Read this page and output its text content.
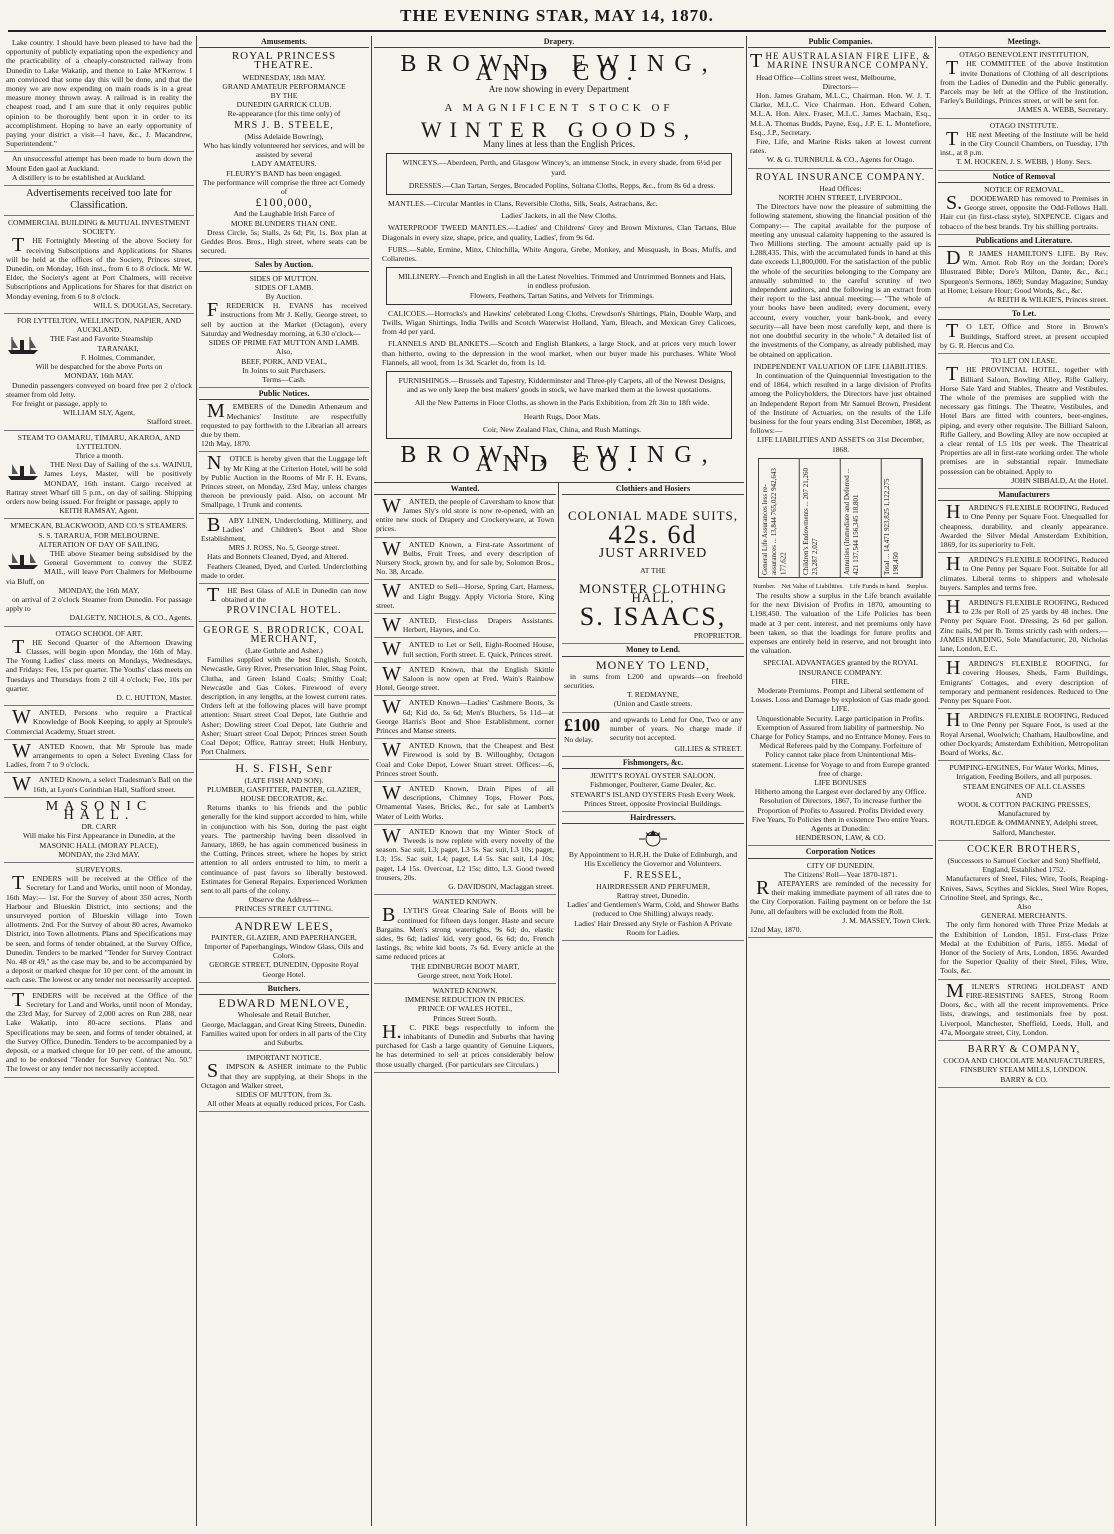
THE EVENING STAR, MAY 14, 1870.

Lake country. I should have been pleased to have had the opportunity of publicly expatiating upon the expediency and the practicability of a cheaply-constructed railway from Dunedin to Lake Wakatip, and thence to Lake M'Kerrow. I am convinced that some day this will be done, and that the money we are now expending on main roads is in a great measure money thrown away. A railroad is in reality the cheapest road, and I am sure that it only requires public opinion to be thoroughly bent upon it in order to its accomplishment. Hoping to have an early opportunity of paying your district a visit—I have, &c., J. Macandrew, Superintendent."

An unsuccessful attempt has been made to burn down the Mount Eden gaol at Auckland.

A distillery is to be established at Auckland.

Advertisements received too late for Classification.
COMMERCIAL BUILDING & MUTUAL INVESTMENT SOCIETY.

THE Fortnightly Meeting of the above Society for receiving Subscriptions and Applications for Shares will be held at the offices of the Society, Princes street, Dunedin, on Monday, 16th inst., from 6 to 8 o'clock. Mr W. Elder, the Society's agent at Port Chalmers, will receive Subscriptions and Applications for Shares for that district on Monday evening, from 6 to 8 o'clock.

WILL S. DOUGLAS, Secretary.
FOR LYTTELTON, WELLINGTON, NAPIER, AND AUCKLAND.

THE Fast and Favorite Steamship

TARANAKI,
F. Holmes, Commander,
Will be despatched for the above Ports on
MONDAY, 16th MAY.

Dunedin passengers conveyed on board free per 2 o'clock steamer from old Jetty.

For freight or passage, apply to

WILLIAM SLY, Agent,
Stafford street.
STEAM TO OAMARU, TIMARU, AKAROA, AND LYTTELTON.
Thrice a month.

THE Next Day of Sailing of the s.s. WAINUI, James Leys, Master, will be positively MONDAY, 16th instant. Cargo received at Rattray street Wharf till 5 p.m., on day of sailing. Shipping orders now being issued. For freight or passage, apply to

KEITH RAMSAY, Agent.
M'MECKAN, BLACKWOOD, AND CO.'S STEAMERS.
S. S. TARARUA, FOR MELBOURNE.
ALTERATION OF DAY OF SAILING.

THE above Steamer being subsidised by the General Government to convey the SUEZ MAIL, will leave Port Chalmers for Melbourne via Bluff, on

MONDAY, the 16th MAY,

on arrival of 2 o'clock Steamer from Dunedin. For passage apply to

DALGETY, NICHOLS, & CO., Agents.
OTAGO SCHOOL OF ART.

THE Second Quarter of the Afternoon Drawing Classes, will begin upon Monday, the 16th of May. The Young Ladies' class meets on Mondays, Wednesdays, and Fridays: Fee, 15s per quarter. The Youths' class meets on Tuesdays and Thursdays from 2 till 4 o'clock; Fee, 10s per quarter.

D. C. HUTTON, Master.

WANTED, Persons who require a Practical Knowledge of Book Keeping, to apply at Sproule's Commercial Academy, Stuart street.

WANTED Known, that Mr Sproule has made arrangements to open a Select Evening Class for Ladies, from 7 to 9 o'clock.

WANTED Known, a select Tradesman's Ball on the 16th, at Lyon's Corinthian Hall, Stafford street.

MASONIC HALL.
DR. CARR
Will make his First Appearance in Dunedin, at the
MASONIC HALL (MORAY PLACE),
MONDAY, the 23rd MAY.
SURVEYORS.

TENDERS will be received at the Office of the Secretary for Land and Works, until noon of Monday, 16th May:— 1st. For the Survey of about 350 acres, North Harbour and Blueskin District, into sections; and the unsurveyed portion of Blueskin village into Town allotments. 2nd. For the Survey of about 80 acres, Awamoko District, into Town allotments. Plans and Specifications may be seen, and forms of tender obtained, at the Survey Office, Dunedin. Tenders to be marked "Tender for Survey Contract No. 48 or 49," as the case may be, and to be accompanied by a deposit or marked cheque for 10 per cent. of the amount in each case. The lowest or any tender not necessarily accepted.

TENDERS will be received at the Office of the Secretary for Land and Works, until noon of Monday, the 23rd May, for Survey of 2,000 acres on Run 288, near Lake Wakatip, into 80-acre sections. Plans and Specifications may be seen, and forms of tender obtained, at the Survey Office, Dunedin. Tenders to be accompanied by a deposit, or a marked cheque for 10 per cent. of the amount, and to be endorsed "Tender for Survey Contract No. 50." The lowest or any tender not necessarily accepted.

Amusements.
ROYAL PRINCESS THEATRE.
WEDNESDAY, 18th MAY.
GRAND AMATEUR PERFORMANCE
BY THE
DUNEDIN GARRICK CLUB.
Re-appearance (for this time only) of
MRS J. B. STEELE,
(Miss Adelaide Bowring),
Who has kindly volunteered her services, and will be assisted by several
LADY AMATEURS.
FLEURY'S BAND has been engaged.
The performance will comprise the three act Comedy of
£100,000,
And the Laughable Irish Farce of
MORE BLUNDERS THAN ONE.

Dress Circle, 5s; Stalls, 2s 6d; Pit, 1s. Box plan at Geddes Bros. Bros., High street, where seats can be secured.

Sales by Auction.
SIDES OF MUTTON.
SIDES OF LAMB.
By Auction.

FREDERICK H. EVANS has received instructions from Mr J. Kelly, George street, to sell by auction at the Market (Octagon), every Saturday and Wednesday morning, at 6.30 o'clock—

SIDES OF PRIME FAT MUTTON AND LAMB.
Also,
BEEF, PORK, AND VEAL,
In Joints to suit Purchasers.
Terms—Cash.
Public Notices.

MEMBERS of the Dunedin Athenæum and Mechanics' Institute are respectfully requested to pay forthwith to the Librarian all arrears due by them.

12th May, 1870.

NOTICE is hereby given that the Luggage left by Mr King at the Criterion Hotel, will be sold by Public Auction in the Rooms of Mr F. H. Evans, Princes street, on Monday, 23rd May, unless charges thereon be previously paid. Also, on account Mr Smallpage, 1 Trunk and contents.

BABY LINEN, Underclothing, Millinery, and Ladies' and Children's Boot and Shoe Establishment,

MRS J. ROSS, No. 5, George street.

Hats and Bonnets Cleaned, Dyed, and Altered.

Feathers Cleaned, Dyed, and Curled. Underclothing made to order.

THE Best Glass of ALE in Dunedin can now obtained at the

PROVINCIAL HOTEL.
GEORGE S. BRODRICK, COAL MERCHANT,
(Late Guthrie and Asher.)

Families supplied with the best English, Scotch, Newcastle, Grey River, Preservation Inlet, Shag Point, Clutha, and Green Island Coals; Smithy Coal; Newcastle and Gas Cokes. Firewood of every description, in any lengths, at the lowest current rates. Orders left at the following places will have prompt attention: Stuart street Coal Depot, late Guthrie and Asher; Dowling street Coal Depot, late Guthrie and Asher; Stuart street Coal Depot; Princes street South Coal Depot; Office, Rattray street; Hulk Henbury, Port Chalmers.

H. S. FISH, Senr
(LATE FISH AND SON).
PLUMBER, GASFITTER, PAINTER, GLAZIER, HOUSE DECORATOR, &c.

Returns thanks to his friends and the public generally for the kind support accorded to him, while in conjunction with his Son, during the past eight years. The partnership having been dissolved in January, 1869, he has again commenced business in the Cutting, Princes street, where he hopes by strict attention to all orders entrusted to him, to merit a continuance of past favors so liberally bestowed. Estimates for General Repairs. Experienced Workmen sent to all parts of the colony.

Observe the Address—
PRINCES STREET CUTTING.
ANDREW LEES,
PAINTER, GLAZIER, AND PAPERHANGER,
Importer of Paperhangings, Window Glass, Oils and Colors.
GEORGE STREET, DUNEDIN, Opposite Royal George Hotel.
Butchers.
EDWARD MENLOVE,
Wholesale and Retail Butcher,
George, Maclaggan, and Great King Streets, Dunedin.
Families waited upon for orders in all parts of the City and Suburbs.
IMPORTANT NOTICE.

SIMPSON & ASHER intimate to the Public that they are supplying, at their Shops in the Octagon and Walker street,

SIDES OF MUTTON, from 3s.

All other Meats at equally reduced prices, For Cash.

Drapery.
BROWN, EWING, AND CO.
Are now showing in every Department
A MAGNIFICENT STOCK OF
WINTER GOODS,
Many lines at less than the English Prices.

WINCEYS.—Aberdeen, Perth, and Glasgow Wincey's, an immense Stock, in every shade, from 6½d per yard.

DRESSES.—Clan Tartan, Serges, Brocaded Poplins, Sultana Cloths, Repps, &c., from 8s 6d a dress.

MANTLES.—Circular Mantles in Clans, Reversible Cloths, Silk, Seals, Astrachans, &c.

Ladies' Jackets, in all the New Cloths.

WATERPROOF TWEED MANTLES.—Ladies' and Childrens' Grey and Brown Mixtures, Clan Tartans, Blue Diagonals in every size, shape, price, and quality, Ladies', from 9s 6d.

FURS.—Sable, Ermine, Minx, Chinchilla, White Angora, Grebe, Monkey, and Musquash, in Boas, Muffs, and Collarettes.

MILLINERY.—French and English in all the Latest Novelties. Trimmed and Untrimmed Bonnets and Hats, in endless profusion.

Flowers, Feathers, Tartan Satins, and Velvets for Trimmings.

CALICOES.—Horrocks's and Hawkins' celebrated Long Cloths, Crewdson's Shirtings, Plain, Double Warp, and Twills, Wigan Shirtings, India Twills and Scotch Waterwist Holland, Yarn, Bleach, and Mexican Grey Calicoes, from 4d per yard.

FLANNELS AND BLANKETS.—Scotch and English Blankets, a large Stock, and at prices very much lower than hitherto, owing to the depression in the wool market, when our buyer made his purchases. White Wool Flannels, all wool, from 1s 3d. Scarlet do, from 1s 1d.

FURNISHINGS.—Brussels and Tapestry, Kidderminster and Three-ply Carpets, all of the Newest Designs, and as we only keep the best makers' goods in stock, we have marked them at the lowest quotations.

All the New Patterns in Floor Cloths, as shown in the Paris Exhibition, from 2ft 3in to 18ft wide.

Hearth Rugs, Door Mats.

Coir, New Zealand Flax, China, and Rush Mattings.

BROWN, EWING, AND CO.
Wanted.

WANTED, the people of Caversham to know that James Sly's old store is now re-opened, with an entire new stock of Drapery and Crockeryware, at Town prices.

WANTED Known, a First-rate Assortment of Bulbs, Fruit Trees, and every description of Nursery Stock, grown by, and for sale by, Solomon Bros., No. 38, Arcade.

WANTED to Sell—Horse, Spring Cart, Harness, and Light Buggy. Apply Victoria Store, King street.

WANTED, First-class Drapers Assistants. Herbert, Haynes, and Co.

WANTED to Let or Sell, Eight-Roomed House, full section, Forth street. E. Quick, Princes street.

WANTED Known, that the English Skittle Saloon is now open at Fred. Wain's Rainbow Hotel, George street.

WANTED Known—Ladies' Cashmere Boots, 3s 6d; Kid do, 5s 6d; Men's Bluchers, 5s 11d—at George Harris's Boot and Shoe Establishment, corner Princes and Manse streets.

WANTED Known, that the Cheapest and Best Firewood is sold by B. Willoughby, Octagon Coal and Coke Depot, Lower Stuart street. Offices:—6, Princes street South.

WANTED Known, Drain Pipes of all descriptions, Chimney Tops, Flower Pots, Ornamental Vases, Bricks, &c., for sale at Lambert's Water of Leith Works.

WANTED Known that my Winter Stock of Tweeds is now replete with every novelty of the season. Sac suit, L3; paget, L3 5s. Sac suit, L3 10s; paget, L3; 15s. Sac suit, L4; paget, L4 5s. Sac suit, L4 10s; paget, L4 15s. Overcoat, L2 15s; ditto, L3. Good tweed trousers, 20s.

G. DAVIDSON, Maclaggan street.
WANTED KNOWN.

BLYTH'S Great Clearing Sale of Boots will be continued for fifteen days longer. Haste and secure Bargains. Men's strong watertights, 9s 6d; do, elastic sides, 9s 6d; ladies' kid, very good, 6s 6d; do, French lastings, 8s; white kid boots, 7s 6d. Every article at the same reduced prices at

THE EDINBURGH BOOT MART,
George street, next York Hotel.
WANTED KNOWN.
IMMENSE REDUCTION IN PRICES.
PRINCE OF WALES HOTEL,
Princes Street South.

H.C. PIKE begs respectfully to inform the inhabitants of Dunedin and Suburbs that having purchased for Cash a large quantity of Genuine Liquors, he has determined to sell at prices considerably below those usually charged. (For particulars see Circulars.)

Clothiers and Hosiers
COLONIAL MADE SUITS,
42s. 6d
JUST ARRIVED
AT THE
MONSTER CLOTHING HALL,
S. ISAACS,
PROPRIETOR.
Money to Lend.
MONEY TO LEND,

in sums from L200 and upwards—on freehold securities.

T. REDMAYNE,
(Union and Castle streets.
£100
No delay.

and upwards to Lend for One, Two or any number of years. No charge made if security not accepted.

GILLIES & STREET.
Fishmongers, &c.
JEWITT'S ROYAL OYSTER SALOON.
Fishmonger, Poulterer, Game Dealer, &c.
STEWART'S ISLAND OYSTERS Fresh Every Week.
Princes Street, opposite Provincial Buildings.
Hairdressers.
By Appointment to H.R.H. the Duke of Edinburgh, and His Excellency the Governor and Volunteers.
F. RESSEL,
HAIRDRESSER AND PERFUMER,
Rattray street, Dunedin.
Ladies' and Gentlemen's Warm, Cold, and Shower Baths (reduced to One Shilling) always ready.
Ladies' Hair Dressed any Style or Fashion A Private Room for Ladies.
Public Companies.
THE AUSTRALASIAN FIRE LIFE, & MARINE INSURANCE COMPANY.

Head Office—Collins street west, Melbourne,

Directors—

Hon. James Graham, M.L.C., Chairman. Hon. W. J. T. Clarke, M.L.C. Vice Chairman. Hon. Edward Cohen, M.L.A. Hon. Alex. Fraser, M.L.C. James Macbain, Esq., M.L.A. Thomas Budds, Payne, Esq., J.P. E. L. Montefiore, Esq., J.P., Secretary.

Fire, Life, and Marine Risks taken at lowest current rates.

W. & G. TURNBULL & CO., Agents for Otago.
ROYAL INSURANCE COMPANY.
Head Offices:
NORTH JOHN STREET, LIVERPOOL.

The Directors have now the pleasure of submitting the following statement, showing the financial position of the Company:— The capital available for the purpose of meeting any unusual calamity happening to the assured is Two Millions sterling. The amount actually paid up is L288,435. This, with the accumulated funds in hand at this date exceeds L1,800,000. For the satisfaction of the public the whole of the securities belonging to the Company are annually submitted to the careful scrutiny of two independent auditors, and the following is an extract from their report to the last annual meeting:— "The whole of your books have been audited; every document, every account, every voucher, your bank-book, and every security—all have been most carefully kept, and there is not one doubtful security in the whole." A detailed list of the investments of the Company, as already published, may be obtained on application.

INDEPENDENT VALUATION OF LIFE LIABILITIES.

In continuation of the Quinquennial Investigation to the end of 1864, which resulted in a large division of Profits among the Policyholders, the Directors have just obtained an Independent Report from Mr Samuel Brown, President of the Institute of Actuaries, on the results of the Life business for the four years ending 31st December, 1868, as follows:—

LIFE LIABILITIES AND ASSETS on 31st December, 1868.
General Life Assurances less re-assurances ... 13,844 765,022 942,643 177,622	Children's Endowments ... 207 21,260 23,287 2,027	Annuities (Immediate and Deferred ... 421 137,544 156,345 18,801	Total ... 14,471 923,825 1,122,275 198,450
Number. Net Value of Liabilities. Life Funds in hand. Surplus.

The results show a surplus in the Life branch available for the next Division of Profits in 1870, amounting to L198,450. The valuation of the Life Policies has been made at 3 per cent. interest, and net premiums only have been taken, so that the loadings for future profits and expenses are entirely held in reserve, and not brought into the valuation.

SPECIAL ADVANTAGES granted by the ROYAL INSURANCE COMPANY.
FIRE.
Moderate Premiums. Prompt and Liberal settlement of Losses. Loss and Damage by explosion of Gas made good.
LIFE.
Unquestionable Security. Large participation in Profits. Exemption of Assured from liability of partnership. No Charge for Policy Stamps, and no Entrance Money. Fees to Medical Referees paid by the Company. Forfeiture of Policy cannot take place from Unintentional Mis-statement. License for Voyage to and from Europe granted free of charge.
LIFE BONUSES
Hitherto among the Largest ever declared by any Office. Resolution of Directors, 1867, To increase further the Proportion of Profits to Assured. Profits Divided every Five Years, To Policies then in existence Two entire Years.
Agents at Dunedin:
HENDERSON, LAW, & CO.
Corporation Notices
CITY OF DUNEDIN.
The Citizens' Roll—Year 1870-1871.

RATEPAYERS are reminded of the necessity for their making immediate payment of all rates due to the City Corporation. Failing payment on or before the 1st June, all defaulters will be excluded from the Roll.

J. M. MASSEY, Town Clerk.
12nd May, 1870.
Meetings.
OTAGO BENEVOLENT INSTITUTION,

THE COMMITTEE of the above Institution invite Donations of Clothing of all descriptions from the Ladies of Dunedin and the Public generally. Parcels may be left at the Office of the Institution, Farley's Buildings, Princes street, or will be sent for.

JAMES A. WEBB, Secretary.
OTAGO INSTITUTE.

THE next Meeting of the Institute will be held in the City Council Chambers, on Tuesday, 17th inst., at 8 p.m.

T. M. HOCKEN, J. S. WEBB, } Hony. Secs.
Notice of Removal
NOTICE OF REMOVAL.

S.DOODEWARD has removed to Premises in George street, opposite the Odd-Fellows Hall. Hair cut (in first-class style), SIXPENCE. Cigars and tobacco of the best brands. Try his shilling portraits.

Publications and Literature.

DR JAMES HAMILTON'S LIFE. By Rev. Wm. Arnot. Rob Roy on the Jordan; Dore's Illustrated Bible; Dore's Milton, Dante, &c., &c.; Spurgeon's Sermons, 1869; Sunday Magazine; Sunday at Home; Leisure Hour; Good Words, &c., &c.

At REITH & WILKIE'S, Princes street.
To Let.

TO LET, Office and Store in Brown's Buildings, Stafford street, at present occupied by G. R. Hercus and Co.

TO LET ON LEASE.

THE PROVINCIAL HOTEL, together with Billiard Saloon, Bowling Alley, Rifle Gallery, Horse Sale Yard and Stables, Theatre and Vestibules. The whole of the premises are supplied with the necessary gas fittings. The Theatre, Vestibules, and Hotel Bars are fitted with counters, beer-engines, piping, and every other requisite. The Billiard Saloon, Rifle Gallery, and Bowling Alley are now occupied at a clear rental of L5 10s per week. The Theatrical Properties are all in first-rate working order. The whole premises are in substantial repair. Immediate possession can be obtained. Apply to

JOHN SIBBALD, At the Hotel.
Manufacturers

HARDING'S FLEXIBLE ROOFING, Reduced to One Penny per Square Foot. Unequalled for cheapness, durability, and cleanly appearance. Awarded the Silver Medal Amsterdam Exhibition, 1869, for its superiority to Felt.

HARDING'S FLEXIBLE ROOFING, Reduced to One Penny per Square Foot. Suitable for all climates. Liberal terms to shippers and wholesale buyers. Samples and terms free.

HARDING'S FLEXIBLE ROOFING, Reduced to 23s per Roll of 25 yards by 48 inches. One Penny per Square Foot. Dressing, 2s 6d per gallon. Zinc nails, 9d per lb. Terms strictly cash with orders.—JAMES HARDING, Sole Manufacturer, 20, Nicholas lane, London, E.C.

HARDING'S FLEXIBLE ROOFING, for covering Houses, Sheds, Farm Buildings, Emigrants' Cottages, and every description of temporary and permanent residences. Reduced to One Penny per Square Foot.

HARDING'S FLEXIBLE ROOFING, Reduced to One Penny per Square Foot, is used at the Royal Arsenal, Woolwich; Chatham, Haulbowline, and other Dockyards; Amsterdam Exhibition, Metropolitan Board of Works, &c.

PUMPING-ENGINES, For Water Works, Mines, Irrigation, Feeding Boilers, and all purposes.
STEAM ENGINES OF ALL CLASSES
AND
WOOL & COTTON PACKING PRESSES, Manufactured by
ROUTLEDGE & OMMANNEY, Adelphi street, Salford, Manchester.
COCKER BROTHERS,
(Successors to Samuel Cocker and Son) Sheffield, England, Established 1752.

Manufacturers of Steel, Files, Wire, Tools, Reaping-Knives, Saws, Scythes and Sickles, Steel Wire Ropes, Crinoline Steel, and Springs, &c.,

Also
GENERAL MERCHANTS.

The only firm honored with Three Prize Medals at the Exhibition of London, 1851. First-class Prize Medal at the Exhibition of Paris, 1855. Medal of Honor of the Society of Arts, London, 1856. Awarded for the Superior Quality of their Steel, Files, Wire, Tools, &c.

MILNER'S STRONG HOLDFAST AND FIRE-RESISTING SAFES, Strong Room Doors, &c., with all the recent improvements. Price lists, drawings, and testimonials free by post. Liverpool, Manchester, Sheffield, Leeds, Hull, and 47a, Moorgate street, City, London.

BARRY & COMPANY,
COCOA AND CHOCOLATE MANUFACTURERS,
FINSBURY STEAM MILLS, LONDON.
BARRY & CO.
